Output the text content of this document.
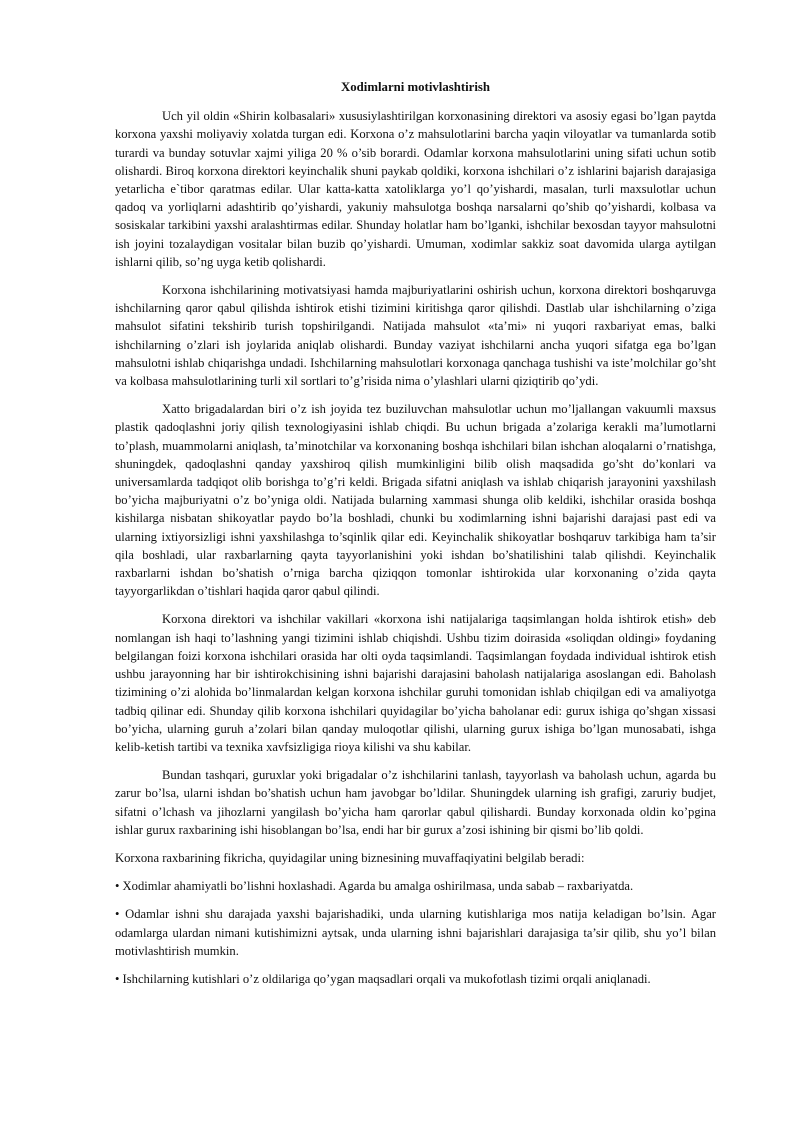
Xodimlarni motivlashtirish

Uch yil oldin «Shirin kolbasalari» xususiylashtirilgan korxonasining direktori va asosiy egasi bo’lgan paytda korxona yaxshi moliyaviy xolatda turgan edi. Korxona o’z mahsulotlarini barcha yaqin viloyatlar va tumanlarda sotib turardi va bunday sotuvlar xajmi yiliga 20 % o’sib borardi. Odamlar korxona mahsulotlarini uning sifati uchun sotib olishardi. Biroq korxona direktori keyinchalik shuni paykab qoldiki, korxona ishchilari o’z ishlarini bajarish darajasiga yetarlicha e`tibor qaratmas edilar. Ular katta-katta xatoliklarga yo’l qo’yishardi, masalan, turli maxsulotlar uchun qadoq va yorliqlarni adashtirib qo’yishardi, yakuniy mahsulotga boshqa narsalarni qo’shib qo’yishardi, kolbasa va sosiskalar tarkibini yaxshi aralashtirmas edilar. Shunday holatlar ham bo’lganki, ishchilar bexosdan tayyor mahsulotni ish joyini tozalaydigan vositalar bilan buzib qo’yishardi. Umuman, xodimlar sakkiz soat davomida ularga aytilgan ishlarni qilib, so’ng uyga ketib qolishardi.

Korxona ishchilarining motivatsiyasi hamda majburiyatlarini oshirish uchun, korxona direktori boshqaruvga ishchilarning qaror qabul qilishda ishtirok etishi tizimini kiritishga qaror qilishdi. Dastlab ular ishchilarning o’ziga mahsulot sifatini tekshirib turish topshirilgandi. Natijada mahsulot «ta’mi» ni yuqori raxbariyat emas, balki ishchilarning o’zlari ish joylarida aniqlab olishardi. Bunday vaziyat ishchilarni ancha yuqori sifatga ega bo’lgan mahsulotni ishlab chiqarishga undadi. Ishchilarning mahsulotlari korxonaga qanchaga tushishi va iste’molchilar go’sht va kolbasa mahsulotlarining turli xil sortlari to’g’risida nima o’ylashlari ularni qiziqtirib qo’ydi.

Xatto brigadalardan biri o’z ish joyida tez buziluvchan mahsulotlar uchun mo’ljallangan vakuumli maxsus plastik qadoqlashni joriy qilish texnologiyasini ishlab chiqdi. Bu uchun brigada a’zolariga kerakli ma’lumotlarni to’plash, muammolarni aniqlash, ta’minotchilar va korxonaning boshqa ishchilari bilan ishchan aloqalarni o’rnatishga, shuningdek, qadoqlashni qanday yaxshiroq qilish mumkinligini bilib olish maqsadida go’sht do’konlari va universamlarda tadqiqot olib borishga to’g’ri keldi. Brigada sifatni aniqlash va ishlab chiqarish jarayonini yaxshilash bo’yicha majburiyatni o’z bo’yniga oldi. Natijada bularning xammasi shunga olib keldiki, ishchilar orasida boshqa kishilarga nisbatan shikoyatlar paydo bo’la boshladi, chunki bu xodimlarning ishni bajarishi darajasi past edi va ularning ixtiyorsizligi ishni yaxshilashga to’sqinlik qilar edi. Keyinchalik shikoyatlar boshqaruv tarkibiga ham ta’sir qila boshladi, ular raxbarlarning qayta tayyorlanishini yoki ishdan bo’shatilishini talab qilishdi. Keyinchalik raxbarlarni ishdan bo’shatish o’rniga barcha qiziqqon tomonlar ishtirokida ular korxonaning o’zida qayta tayyorgarlikdan o’tishlari haqida qaror qabul qilindi.

Korxona direktori va ishchilar vakillari «korxona ishi natijalariga taqsimlangan holda ishtirok etish» deb nomlangan ish haqi to’lashning yangi tizimini ishlab chiqishdi. Ushbu tizim doirasida «soliqdan oldingi» foydaning belgilangan foizi korxona ishchilari orasida har olti oyda taqsimlandi. Taqsimlangan foydada individual ishtirok etish ushbu jarayonning har bir ishtirokchisining ishni bajarishi darajasini baholash natijalariga asoslangan edi. Baholash tizimining o’zi alohida bo’linmalardan kelgan korxona ishchilar guruhi tomonidan ishlab chiqilgan edi va amaliyotga tadbiq qilinar edi. Shunday qilib korxona ishchilari quyidagilar bo’yicha baholanar edi: gurux ishiga qo’shgan xissasi bo’yicha, ularning guruh a’zolari bilan qanday muloqotlar qilishi, ularning gurux ishiga bo’lgan munosabati, ishga kelib-ketish tartibi va texnika xavfsizligiga rioya kilishi va shu kabilar.

Bundan tashqari, guruxlar yoki brigadalar o’z ishchilarini tanlash, tayyorlash va baholash uchun, agarda bu zarur bo’lsa, ularni ishdan bo’shatish uchun ham javobgar bo’ldilar. Shuningdek ularning ish grafigi, zaruriy budjet, sifatni o’lchash va jihozlarni yangilash bo’yicha ham qarorlar qabul qilishardi. Bunday korxonada oldin ko’pgina ishlar gurux raxbarining ishi hisoblangan bo’lsa, endi har bir gurux a’zosi ishining bir qismi bo’lib qoldi.

Korxona raxbarining fikricha, quyidagilar uning biznesining muvaffaqiyatini belgilab beradi:

• Xodimlar ahamiyatli bo’lishni hoxlashadi. Agarda bu amalga oshirilmasa, unda sabab – raxbariyatda.

• Odamlar ishni shu darajada yaxshi bajarishadiki, unda ularning kutishlariga mos natija keladigan bo’lsin. Agar odamlarga ulardan nimani kutishimizni aytsak, unda ularning ishni bajarishlari darajasiga ta’sir qilib, shu yo’l bilan motivlashtirish mumkin.

• Ishchilarning kutishlari o’z oldilariga qo’ygan maqsadlari orqali va mukofotlash tizimi orqali aniqlanadi.
